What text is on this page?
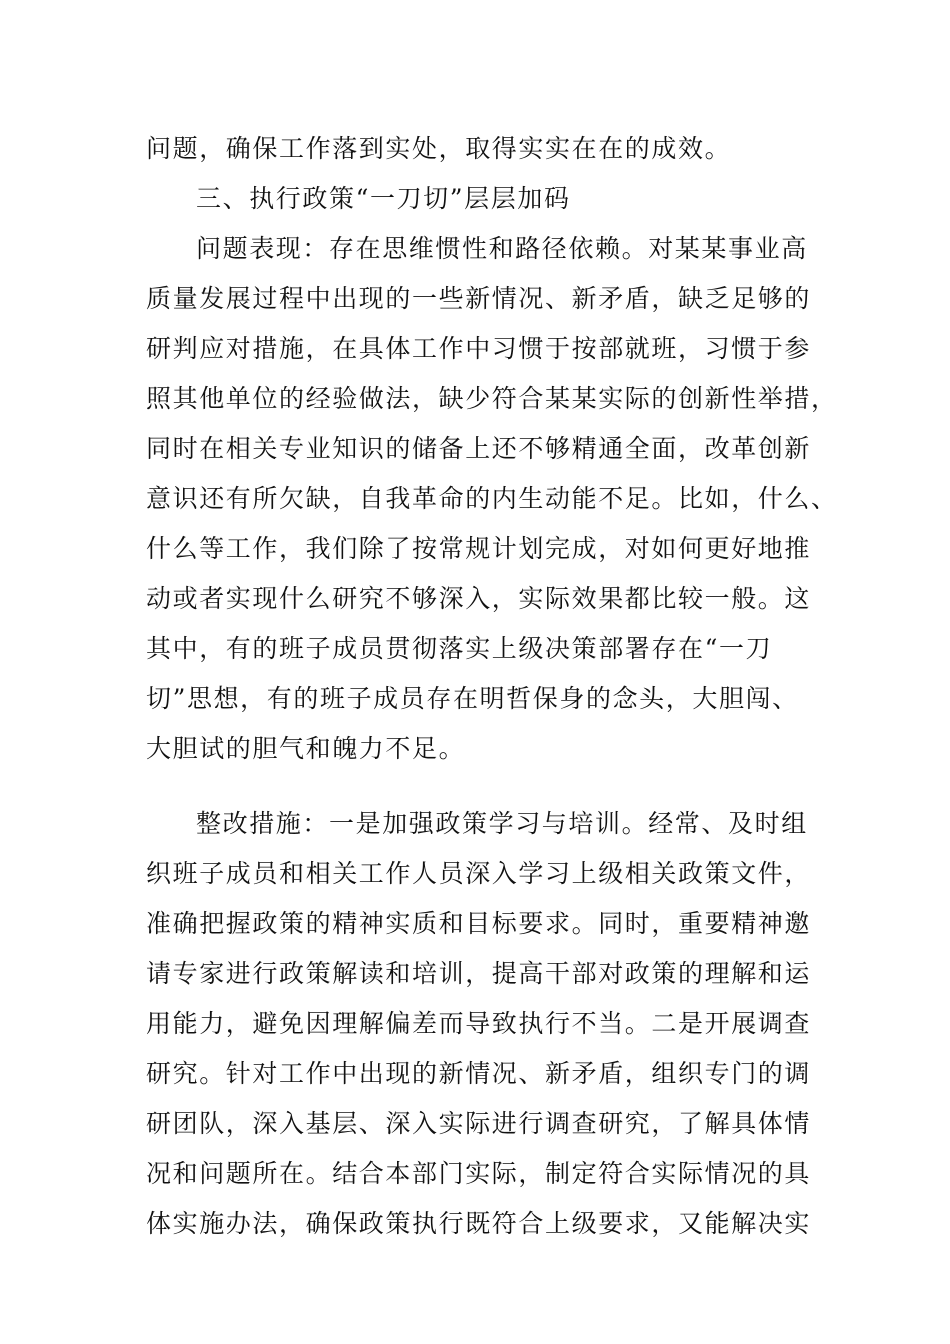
问题，确保工作落到实处，取得实实在在的成效。
三、执行政策“一刀切”层层加码
问题表现：存在思维惯性和路径依赖。对某某事业高
质量发展过程中出现的一些新情况、新矛盾，缺乏足够的
研判应对措施，在具体工作中习惯于按部就班，习惯于参
照其他单位的经验做法，缺少符合某某实际的创新性举措，
同时在相关专业知识的储备上还不够精通全面，改革创新
意识还有所欠缺，自我革命的内生动能不足。比如，什么、
什么等工作，我们除了按常规计划完成，对如何更好地推
动或者实现什么研究不够深入，实际效果都比较一般。这
其中，有的班子成员贯彻落实上级决策部署存在“一刀
切”思想，有的班子成员存在明哲保身的念头，大胆闯、
大胆试的胆气和魄力不足。
整改措施：一是加强政策学习与培训。经常、及时组
织班子成员和相关工作人员深入学习上级相关政策文件，
准确把握政策的精神实质和目标要求。同时，重要精神邀
请专家进行政策解读和培训，提高干部对政策的理解和运
用能力，避免因理解偏差而导致执行不当。二是开展调查
研究。针对工作中出现的新情况、新矛盾，组织专门的调
研团队，深入基层、深入实际进行调查研究，了解具体情
况和问题所在。结合本部门实际，制定符合实际情况的具
体实施办法，确保政策执行既符合上级要求，又能解决实
